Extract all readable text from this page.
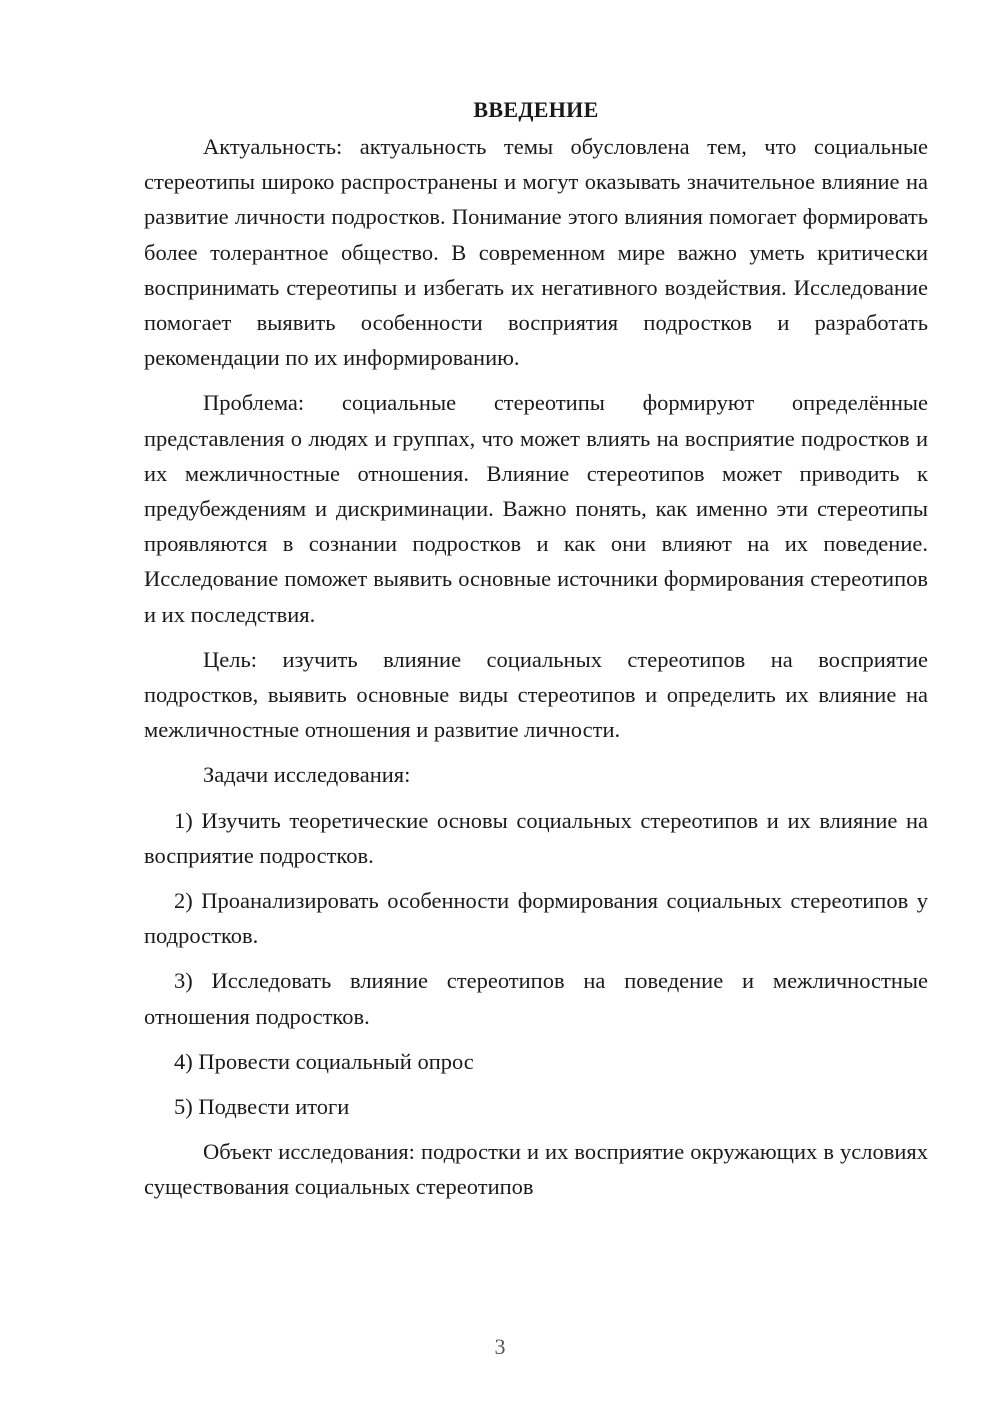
ВВЕДЕНИЕ

Актуальность: актуальность темы обусловлена тем, что социальные стереотипы широко распространены и могут оказывать значительное влияние на развитие личности подростков. Понимание этого влияния помогает формировать более толерантное общество. В современном мире важно уметь критически воспринимать стереотипы и избегать их негативного воздействия. Исследование помогает выявить особенности восприятия подростков и разработать рекомендации по их информированию.

Проблема: социальные стереотипы формируют определённые представления о людях и группах, что может влиять на восприятие подростков и их межличностные отношения. Влияние стереотипов может приводить к предубеждениям и дискриминации. Важно понять, как именно эти стереотипы проявляются в сознании подростков и как они влияют на их поведение. Исследование поможет выявить основные источники формирования стереотипов и их последствия.

Цель: изучить влияние социальных стереотипов на восприятие подростков, выявить основные виды стереотипов и определить их влияние на межличностные отношения и развитие личности.

Задачи исследования:

1) Изучить теоретические основы социальных стереотипов и их влияние на восприятие подростков.

2) Проанализировать особенности формирования социальных стереотипов у подростков.

3) Исследовать влияние стереотипов на поведение и межличностные отношения подростков.

4) Провести социальный опрос

5) Подвести итоги

Объект исследования: подростки и их восприятие окружающих в условиях существования социальных стереотипов

3
